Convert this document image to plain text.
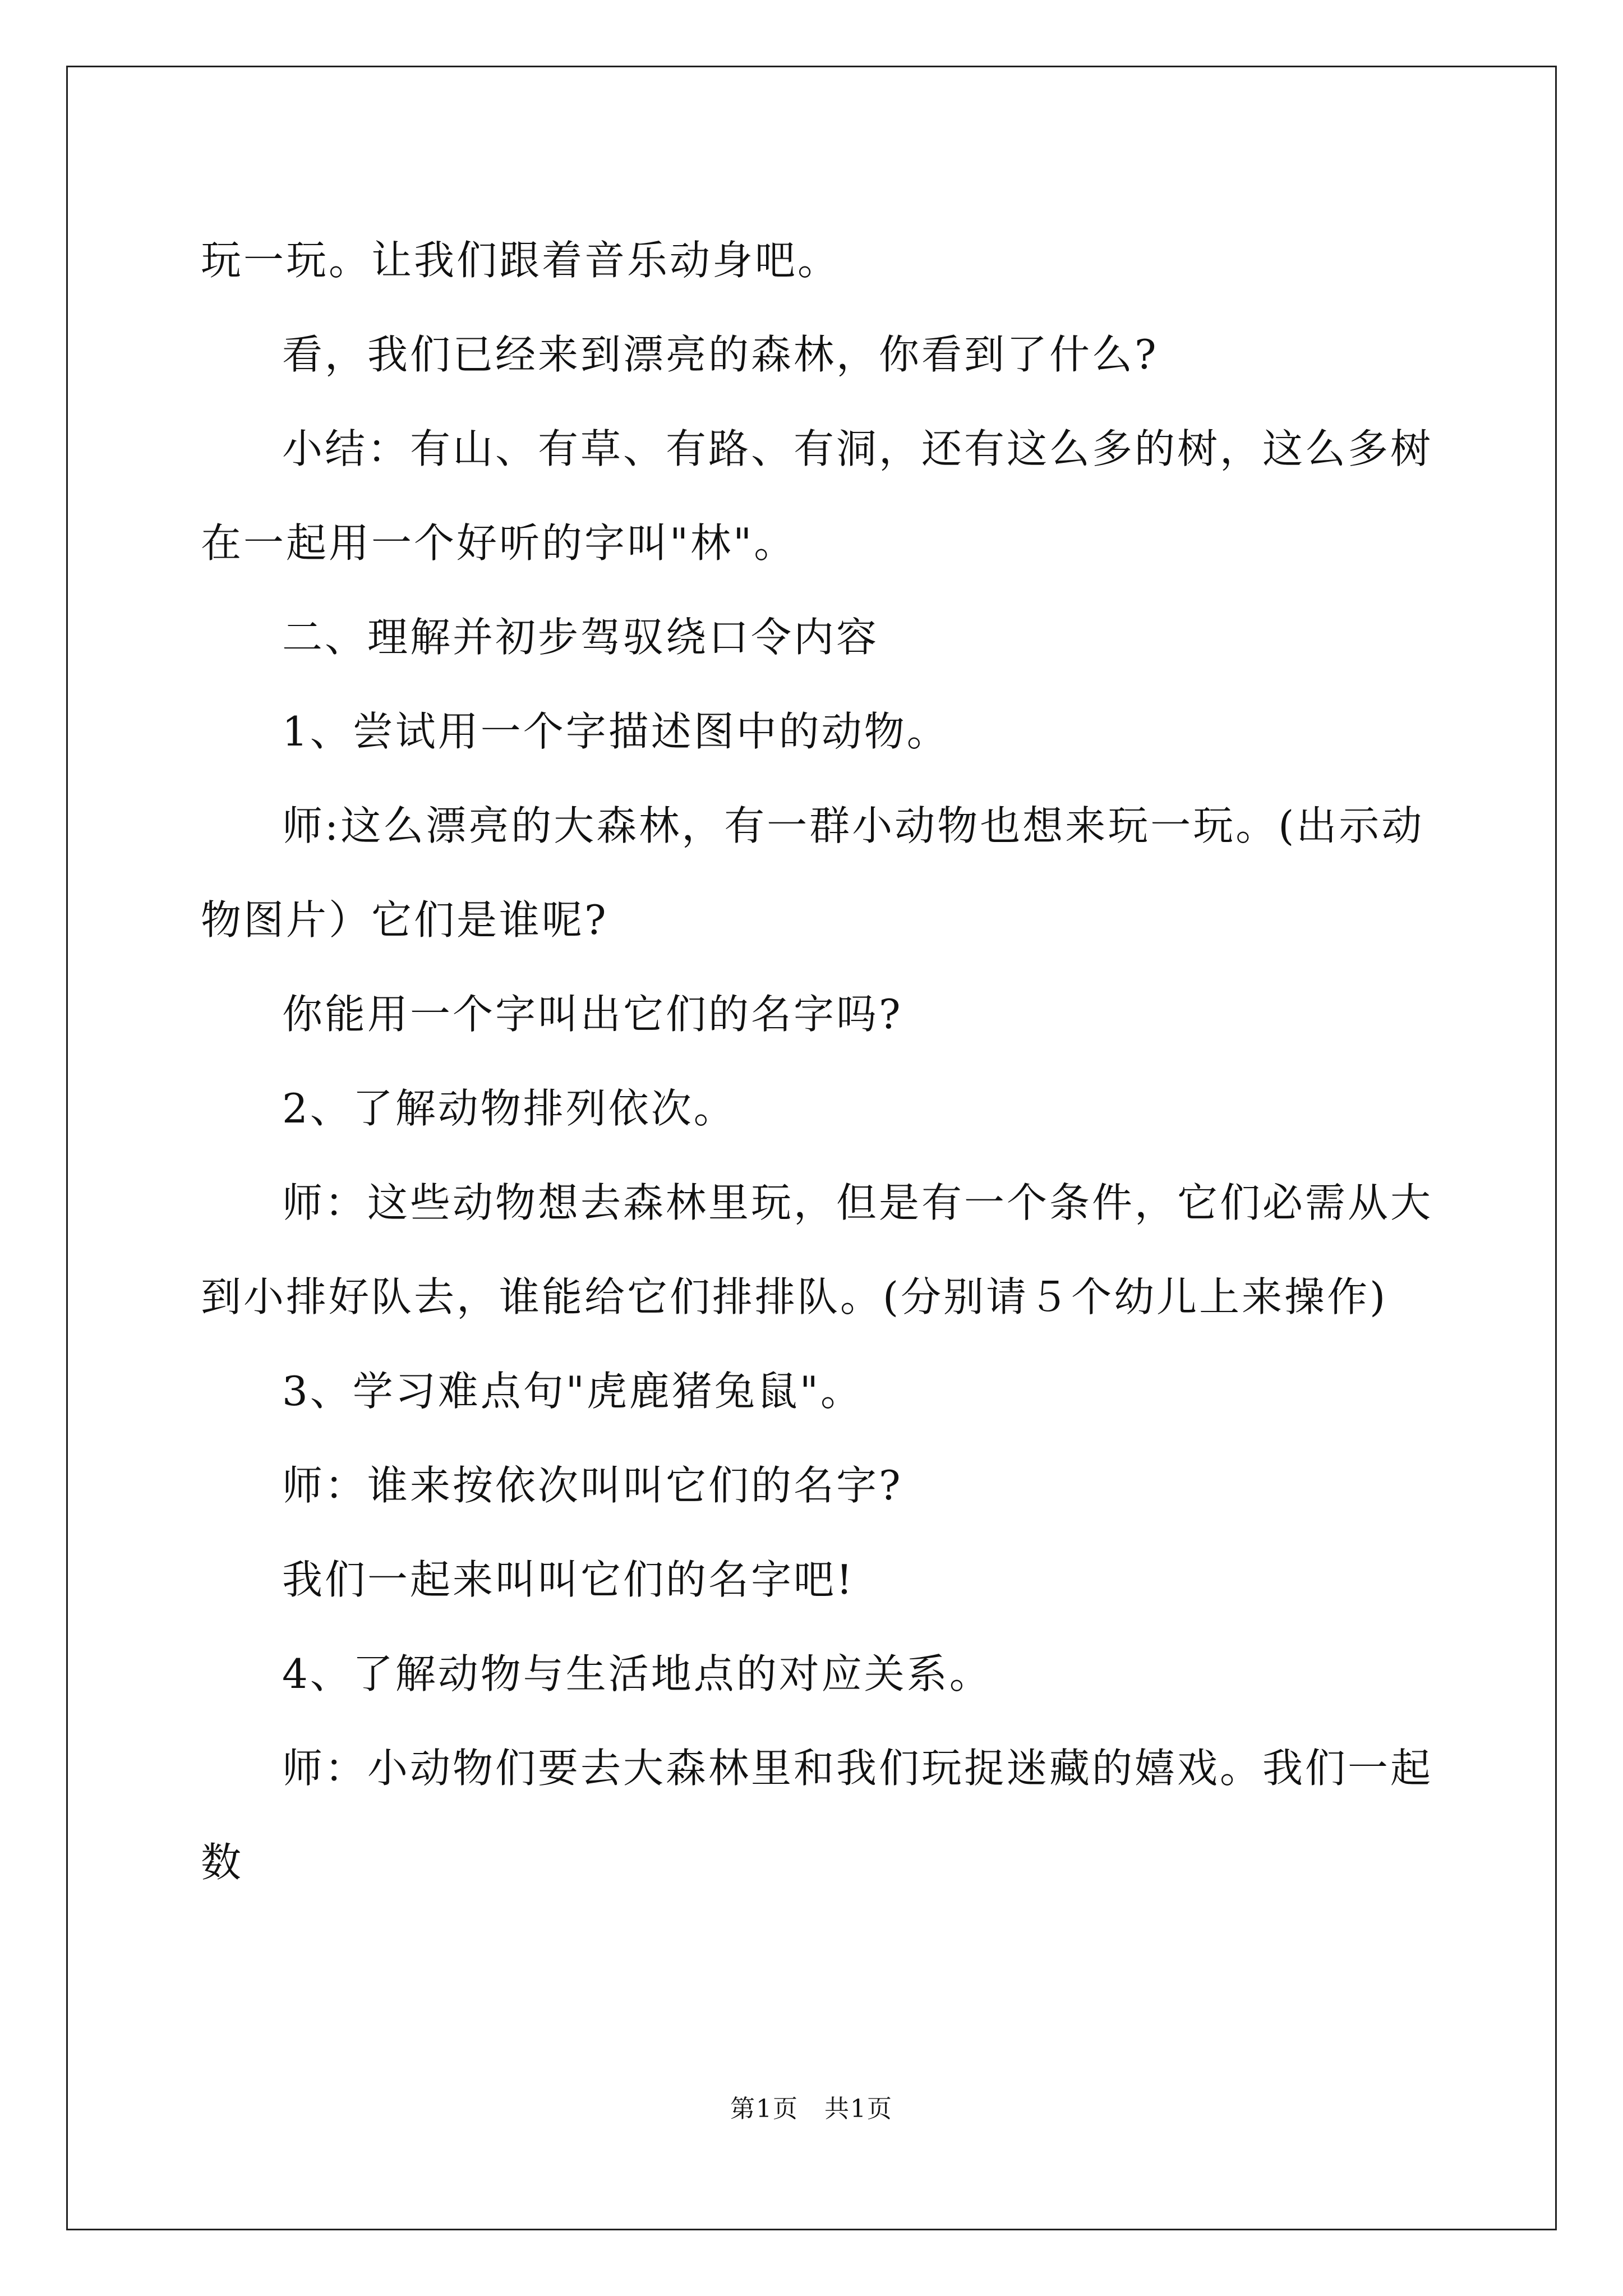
玩一玩。让我们跟着音乐动身吧。

看，我们已经来到漂亮的森林，你看到了什么?

小结：有山、有草、有路、有洞，还有这么多的树，这么多树在一起用一个好听的字叫"林"。

二、理解并初步驾驭绕口令内容

1、尝试用一个字描述图中的动物。

师:这么漂亮的大森林，有一群小动物也想来玩一玩。(出示动物图片）它们是谁呢?

你能用一个字叫出它们的名字吗?

2、了解动物排列依次。

师：这些动物想去森林里玩，但是有一个条件，它们必需从大到小排好队去，谁能给它们排排队。(分别请５个幼儿上来操作)

3、学习难点句"虎鹿猪兔鼠"。

师：谁来按依次叫叫它们的名字?

我们一起来叫叫它们的名字吧!

4、了解动物与生活地点的对应关系。

师：小动物们要去大森林里和我们玩捉迷藏的嬉戏。我们一起数

第1页　共1页
